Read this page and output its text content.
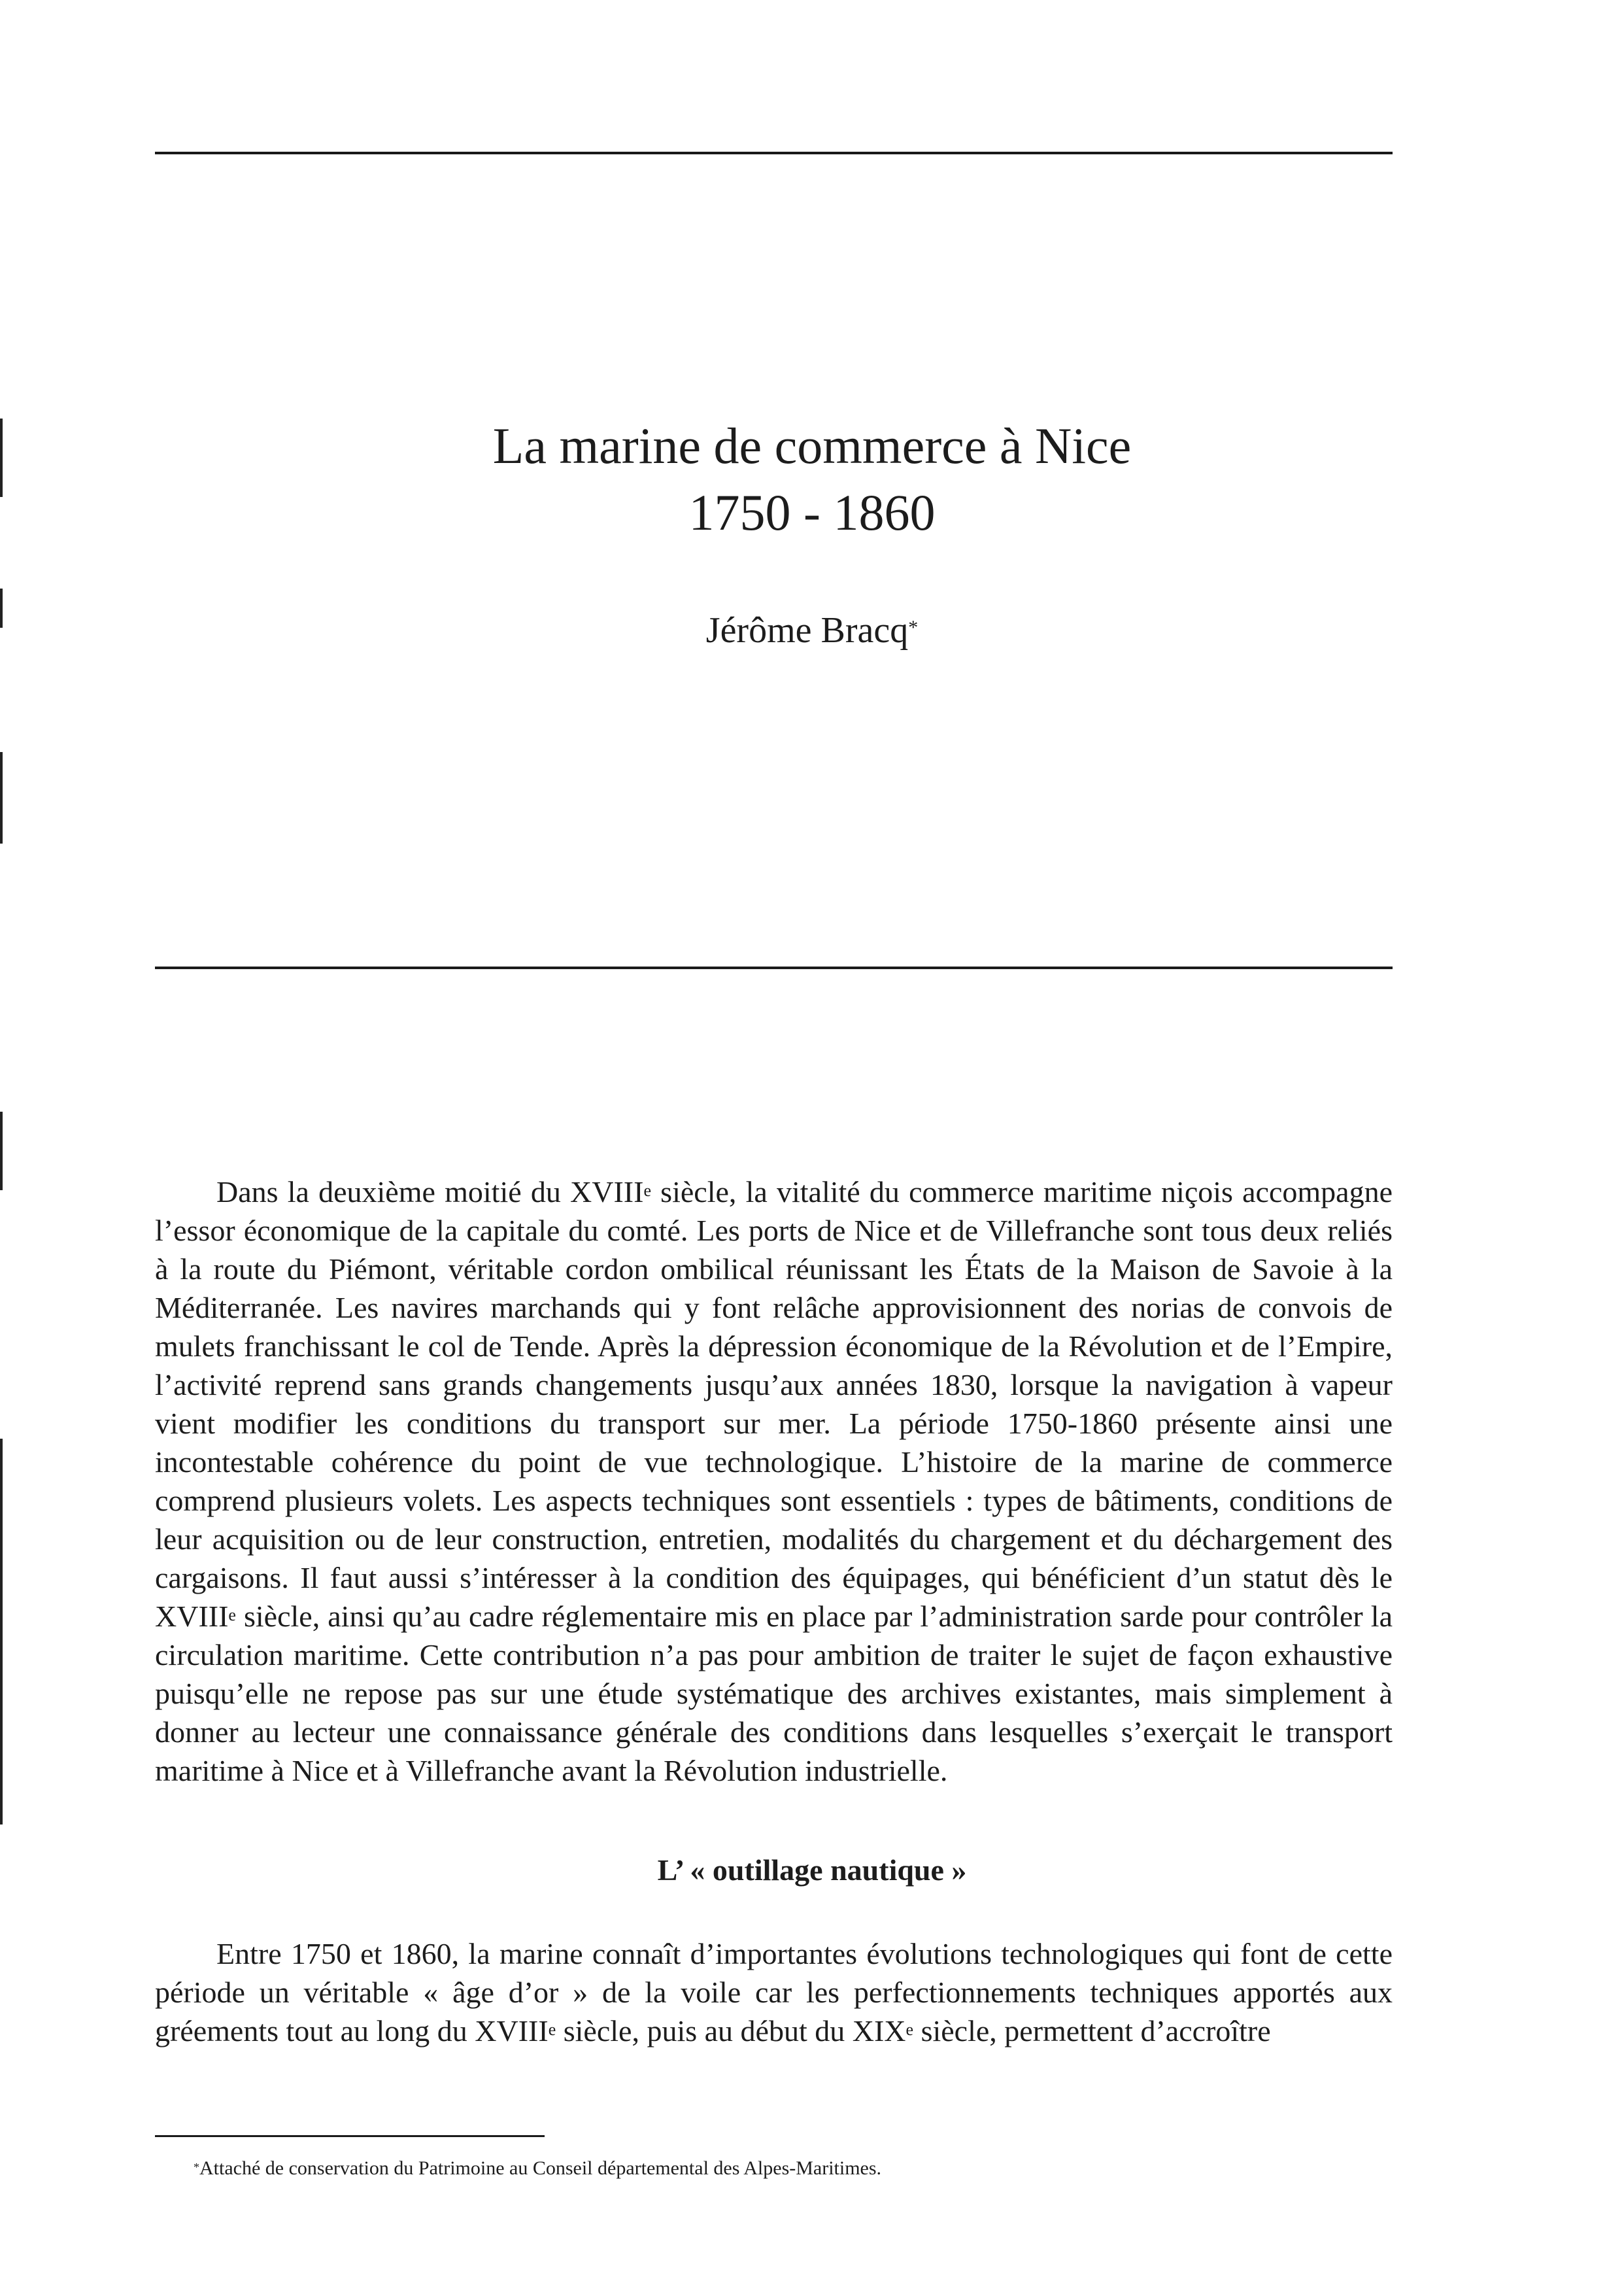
La marine de commerce à Nice
1750 - 1860
Jérôme Bracq*

Dans la deuxième moitié du XVIIIe siècle, la vitalité du commerce maritime niçois accompagne l’essor économique de la capitale du comté. Les ports de Nice et de Villefranche sont tous deux reliés à la route du Piémont, véritable cordon ombilical réunissant les États de la Maison de Savoie à la Méditerranée. Les navires marchands qui y font relâche approvisionnent des norias de convois de mulets franchissant le col de Tende. Après la dépression économique de la Révolution et de l’Empire, l’activité reprend sans grands changements jusqu’aux années 1830, lorsque la navigation à vapeur vient modifier les conditions du transport sur mer. La période 1750-1860 présente ainsi une incontestable cohérence du point de vue technologique. L’histoire de la marine de commerce comprend plusieurs volets. Les aspects techniques sont essentiels : types de bâtiments, conditions de leur acquisition ou de leur construction, entretien, modalités du chargement et du déchargement des cargaisons. Il faut aussi s’intéresser à la condition des équipages, qui bénéficient d’un statut dès le XVIIIe siècle, ainsi qu’au cadre réglementaire mis en place par l’administration sarde pour contrôler la circulation maritime. Cette contribution n’a pas pour ambition de traiter le sujet de façon exhaustive puisqu’elle ne repose pas sur une étude systématique des archives existantes, mais simplement à donner au lecteur une connaissance générale des conditions dans lesquelles s’exerçait le transport maritime à Nice et à Villefranche avant la Révolution industrielle.

L’ « outillage nautique »

Entre 1750 et 1860, la marine connaît d’importantes évolutions technologiques qui font de cette période un véritable « âge d’or » de la voile car les perfectionnements techniques apportés aux gréements tout au long du XVIIIe siècle, puis au début du XIXe siècle, permettent d’accroître

*Attaché de conservation du Patrimoine au Conseil départemental des Alpes-Maritimes.
